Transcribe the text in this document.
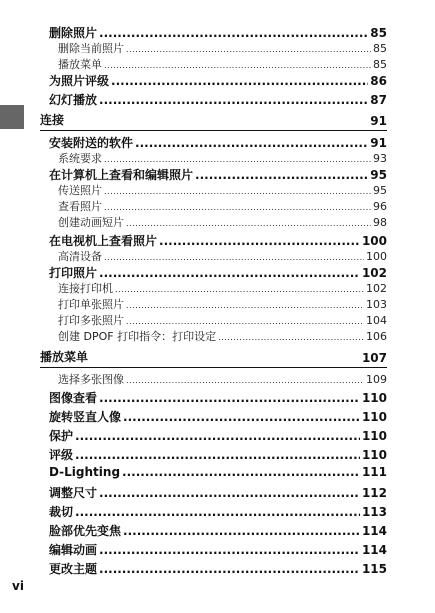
删除照片 .....	85
删除当前照片 .....	85
播放菜单 .....	85
为照片评级 .....	86
幻灯播放 .....	87
连接	91
安装附送的软件 .....	91
系统要求 .....	93
在计算机上查看和编辑照片 .....	95
传送照片 .....	95
查看照片 .....	96
创建动画短片 .....	98
在电视机上查看照片 .....	100
高清设备 .....	100
打印照片 .....	102
连接打印机 .....	102
打印单张照片 .....	103
打印多张照片 .....	104
创建 DPOF 打印指令：打印设定 .....	106
播放菜单	107
选择多张图像 .....	109
图像查看 .....	110
旋转竖直人像 .....	110
保护 .....	110
评级 .....	110
D-Lighting .....	111
调整尺寸 .....	112
裁切 .....	113
脸部优先变焦 .....	114
编辑动画 .....	114
更改主题 .....	115
vi
